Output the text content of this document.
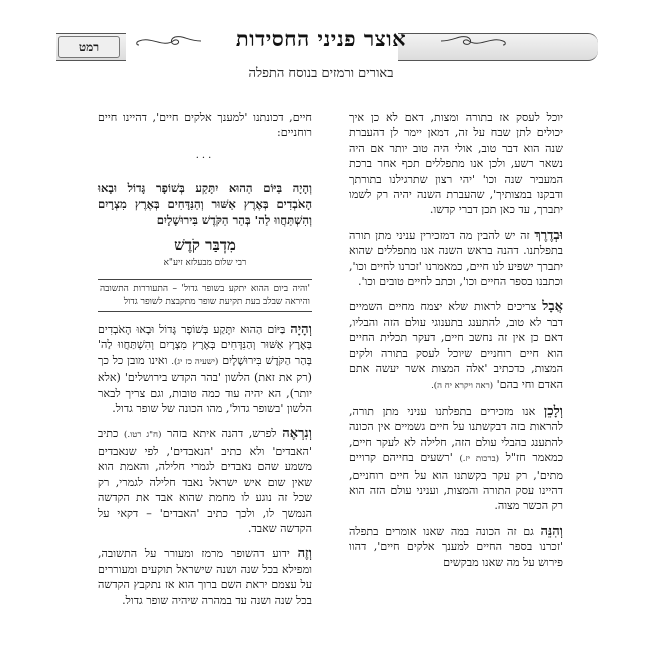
רמט	אוצר פניני החסידות
באורים ורמזים בנוסח התפלה

יוכל לעסק אז בתורה ומצות, דאם לא כן איך יכולים לתן שבח על זה, דמאן יימר לן דהעברת שנה הוא דבר טוב, אולי היה טוב יותר אם היה נשאר רשע, ולכן אנו מתפללים תכף אחר ברכת המעביר שנה וכו' 'יהי רצון שתרגילנו בתורתך ודבקנו במצותיך', שהעברת השנה יהיה רק לשמו יתברך, עד כאן תכן דברי קדשו.

וּבְדֶרֶךְ זה יש להבין מה דמזכירין עניני מתן תורה בתפלתנו. דהנה בראש השנה אנו מתפללים שהוא יתברך ישפיע לנו חיים, כמאמרנו 'זכרנו לחיים וכו', וכתבנו בספר החיים וכו', וכתב לחיים טובים וכו'.

אֲבָל צריכים לראות שלא יצמח מחיים השמיים דבר לא טוב, להתענג בתענוגי עולם הזה והבליו, דאם כן אין זה נחשב חיים, דעקר תכלית החיים הוא חיים רוחניים שיוכל לעסק בתורה ולקים המצות, כדכתיב 'אלה המצות אשר יעשה אתם האדם וחי בהם' (ראה ויקרא יח ה).

וְלָכֵן אנו מזכירים בתפלתנו עניני מתן תורה, להראות בזה דבקשתנו על חיים גשמיים אין הכונה להתענג בהבלי עולם הזה, חלילה לא לעקר חיים, כמאמר חז"ל (ברכות יז.) 'רשעים בחייהם קרויים מתים', רק עקר בקשתנו הוא על חיים רוחניים, דהיינו עסק התורה והמצות, ועניני עולם הזה הוא רק הכשר מצוה.

וְהִנֵּה גם זה הכונה במה שאנו אומרים בתפלה 'זכרנו בספר החיים למענך אלקים חיים', דהוו פירוש על מה שאנו מבקשים

חיים, דכונתנו 'למענך אלקים חיים', דהיינו חיים רוחניים:

···
וְהָיָה בַּיּוֹם הַהוּא יִתָּקַע בְּשׁוֹפָר גָּדוֹל וּבָאוּ הָאֹבְדִים בְּאֶרֶץ אַשּׁוּר וְהַנִּדָּחִים בְּאֶרֶץ מִצְרָיִם וְהִשְׁתַּחֲווּ לַה' בְּהַר הַקֹּדֶשׁ בִּירוּשָׁלָיִם
מִדְבַּר קֹדֶשׁ
רבי שלום מבעלזא זיע"א
'והיה ביום ההוא יתקע בשופר גדול' – התעוררות התשובה והיראה שבלב בעת תקיעת שופר מתקבצת לשופר גדול

וְהָיָה בַּיּוֹם הַהוּא יִתָּקַע בְּשׁוֹפָר גָּדוֹל וּבָאוּ הָאֹבְדִים בְּאֶרֶץ אַשּׁוּר וְהַנִּדָּחִים בְּאֶרֶץ מִצְרָיִם וְהִשְׁתַּחֲווּ לַה' בְּהַר הַקֹּדֶשׁ בִּירוּשָׁלָיִם (ישעיה כז יג). ואינו מובן כל כך (רק את זאת) הלשון 'בהר הקדש בירושלים' (אלא יותר), הא יהיה עוד כמה טובות, וגם צריך לבאר הלשון 'בשופר גדול', מהו הכונה של שופר גדול.

וְנִרְאֶה לפרש, דהנה איתא בזהר (ח"ג רטו.) כתיב 'האבדים' ולא כתיב 'הנאבדים', לפי שנאבדים משמע שהם נאבדים לגמרי חלילה, והאמת הוא שאין שום איש ישראל נאבד חלילה לגמרי, רק שכל זה נוגע לו מחמת שהוא אבד את הקדשה הנמשך לו, ולכך כתיב 'האבדים' – דקאי על הקדשה שאבד.

וְזֶה ידוע דהשופר מרמז ומעורר על התשובה, ומפילא בכל שנה ושנה שישראל תוקעים ומעוררים על עצמם יראת השם ברוך הוא אז נתקבץ הקדשה בכל שנה ושנה עד במהרה שיהיה שופר גדול.
